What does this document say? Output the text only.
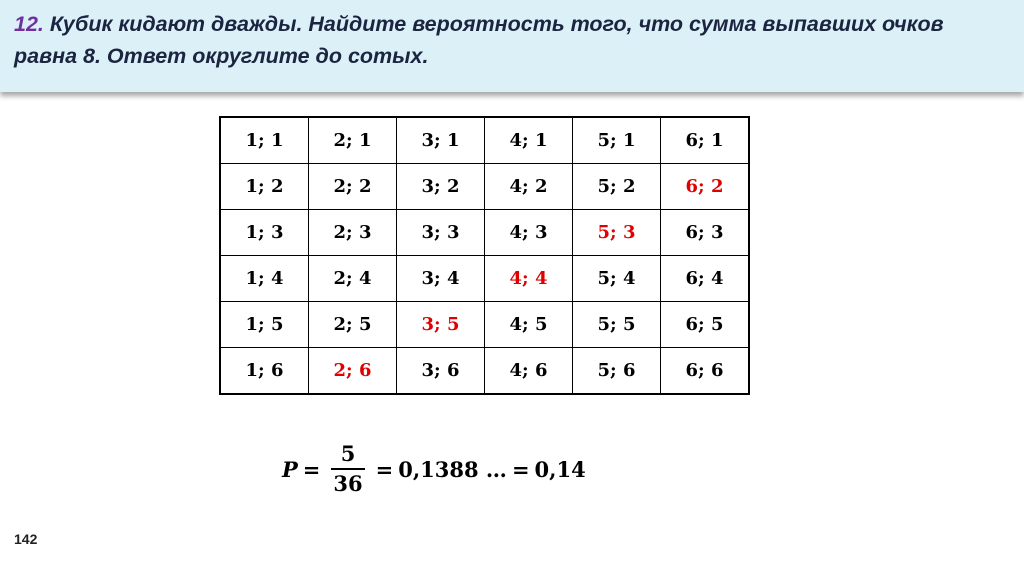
12. Кубик кидают дважды. Найдите вероятность того, что сумма выпавших очков равна 8. Ответ округлите до сотых.

1; 1	2; 1	3; 1	4; 1	5; 1	6; 1
1; 2	2; 2	3; 2	4; 2	5; 2	6; 2
1; 3	2; 3	3; 3	4; 3	5; 3	6; 3
1; 4	2; 4	3; 4	4; 4	5; 4	6; 4
1; 5	2; 5	3; 5	4; 5	5; 5	6; 5
1; 6	2; 6	3; 6	4; 6	5; 6	6; 6
$P = \frac{5}{36} = 0,1388$ … = 0,14
142
